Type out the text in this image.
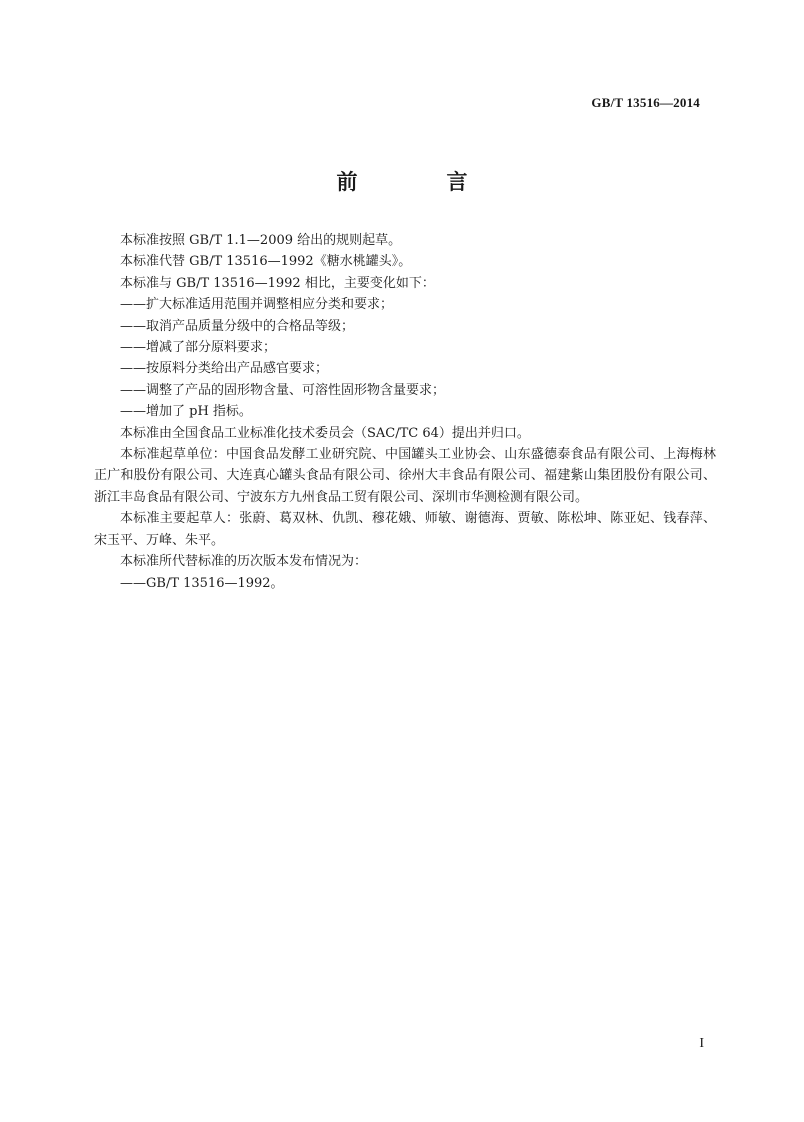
GB/T 13516—2014
前　言

本标准按照 GB/T 1.1—2009 给出的规则起草。

本标准代替 GB/T 13516—1992《糖水桃罐头》。

本标准与 GB/T 13516—1992 相比，主要变化如下：

——扩大标准适用范围并调整相应分类和要求；

——取消产品质量分级中的合格品等级；

——增减了部分原料要求；

——按原料分类给出产品感官要求；

——调整了产品的固形物含量、可溶性固形物含量要求；

——增加了 pH 指标。

本标准由全国食品工业标准化技术委员会（SAC/TC 64）提出并归口。

本标准起草单位：中国食品发酵工业研究院、中国罐头工业协会、山东盛德泰食品有限公司、上海梅林正广和股份有限公司、大连真心罐头食品有限公司、徐州大丰食品有限公司、福建紫山集团股份有限公司、浙江丰岛食品有限公司、宁波东方九州食品工贸有限公司、深圳市华测检测有限公司。

本标准主要起草人：张蔚、葛双林、仇凯、穆花娥、师敏、谢德海、贾敏、陈松坤、陈亚妃、钱春萍、宋玉平、万峰、朱平。

本标准所代替标准的历次版本发布情况为：

——GB/T 13516—1992。

I
